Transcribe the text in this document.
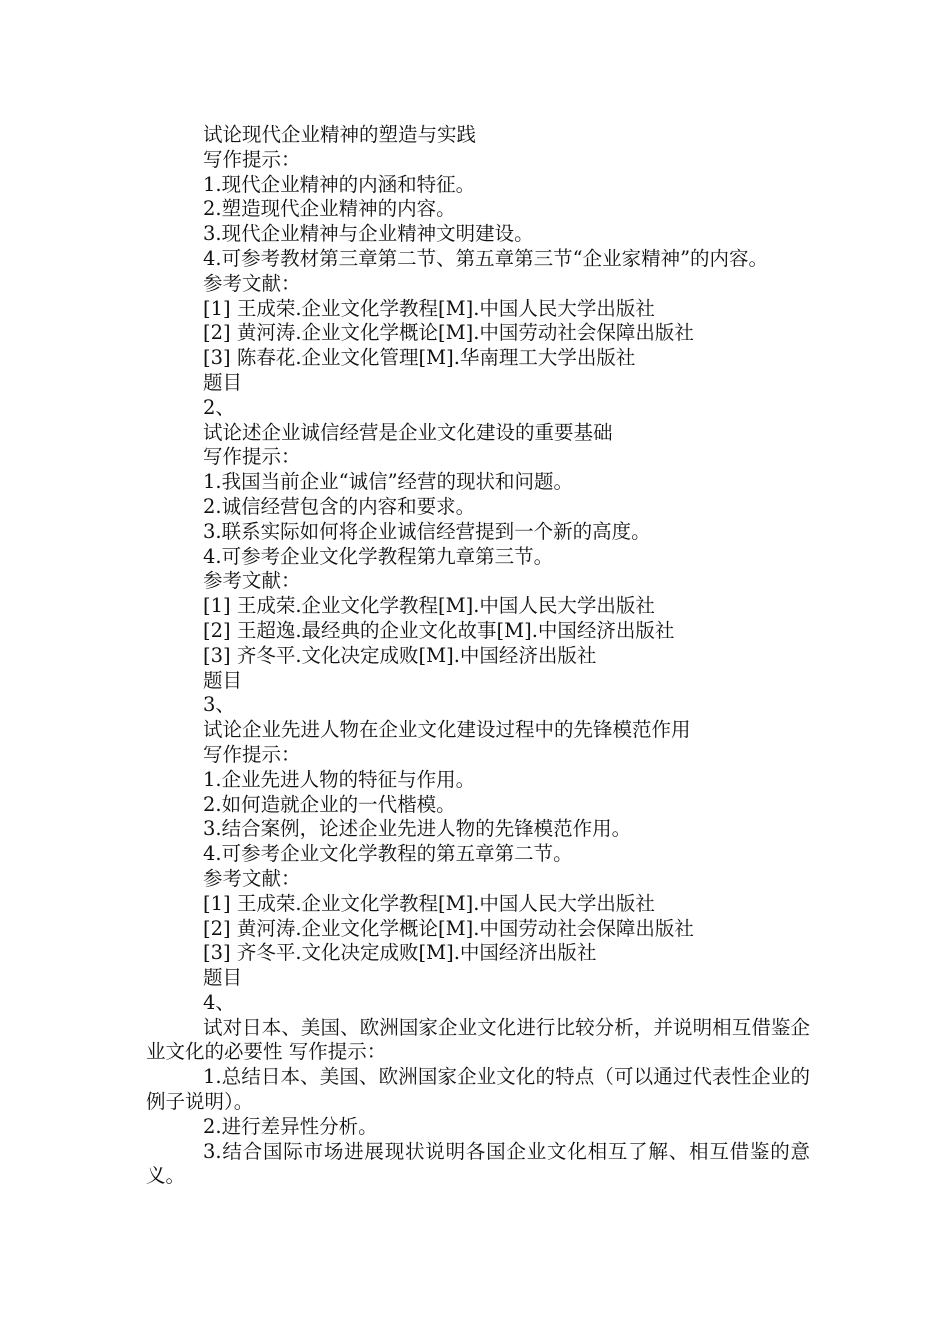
试论现代企业精神的塑造与实践
写作提示：
1.现代企业精神的内涵和特征。
2.塑造现代企业精神的内容。
3.现代企业精神与企业精神文明建设。
4.可参考教材第三章第二节、第五章第三节“企业家精神”的内容。
参考文献：
[1] 王成荣.企业文化学教程[M].中国人民大学出版社
[2] 黄河涛.企业文化学概论[M].中国劳动社会保障出版社
[3] 陈春花.企业文化管理[M].华南理工大学出版社
题目
2、
试论述企业诚信经营是企业文化建设的重要基础
写作提示：
1.我国当前企业“诚信”经营的现状和问题。
2.诚信经营包含的内容和要求。
3.联系实际如何将企业诚信经营提到一个新的高度。
4.可参考企业文化学教程第九章第三节。
参考文献：
[1] 王成荣.企业文化学教程[M].中国人民大学出版社
[2] 王超逸.最经典的企业文化故事[M].中国经济出版社
[3] 齐冬平.文化决定成败[M].中国经济出版社
题目
3、
试论企业先进人物在企业文化建设过程中的先锋模范作用
写作提示：
1.企业先进人物的特征与作用。
2.如何造就企业的一代楷模。
3.结合案例，论述企业先进人物的先锋模范作用。
4.可参考企业文化学教程的第五章第二节。
参考文献：
[1] 王成荣.企业文化学教程[M].中国人民大学出版社
[2] 黄河涛.企业文化学概论[M].中国劳动社会保障出版社
[3] 齐冬平.文化决定成败[M].中国经济出版社
题目
4、
试对日本、美国、欧洲国家企业文化进行比较分析，并说明相互借鉴企业文化的必要性 写作提示：
1.总结日本、美国、欧洲国家企业文化的特点（可以通过代表性企业的例子说明）。
2.进行差异性分析。
3.结合国际市场进展现状说明各国企业文化相互了解、相互借鉴的意义。
